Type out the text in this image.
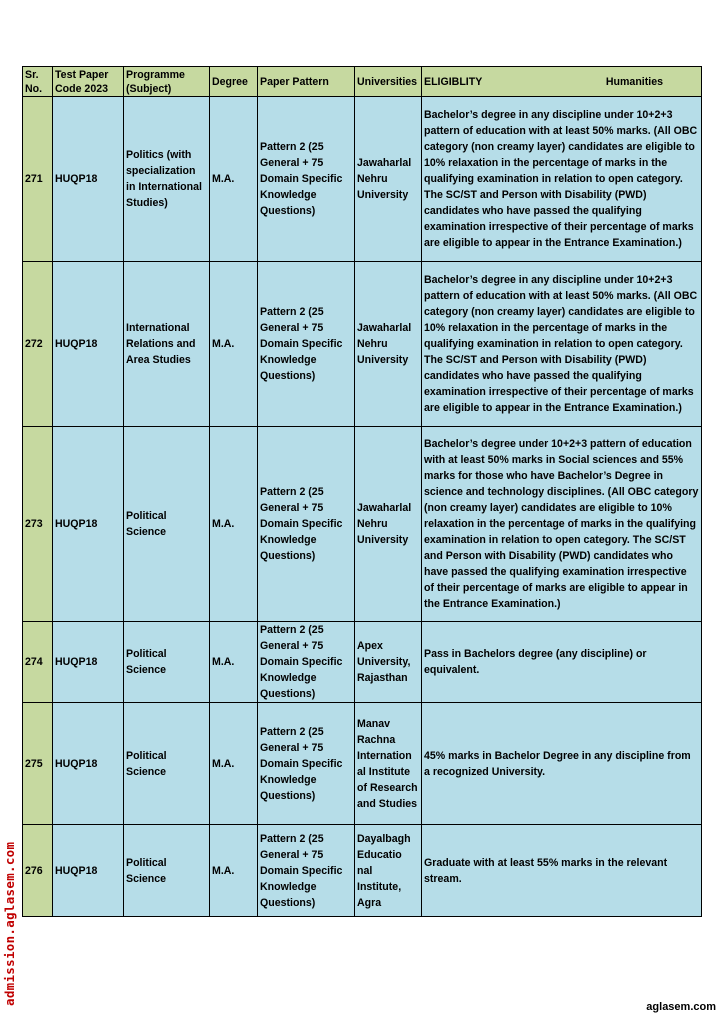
Sr. No.	Test Paper Code 2023	Programme (Subject)	Degree	Paper Pattern	Universities	ELIGIBLITY Humanities

271	HUQP18	Politics (with specialization in International Studies)	M.A.	Pattern 2 (25 General + 75 Domain Specific Knowledge Questions)	Jawaharlal Nehru University	Bachelor’s degree in any discipline under 10+2+3 pattern of education with at least 50% marks. (All OBC category (non creamy layer) candidates are eligible to 10% relaxation in the percentage of marks in the qualifying examination in relation to open category. The SC/ST and Person with Disability (PWD) candidates who have passed the qualifying examination irrespective of their percentage of marks are eligible to appear in the Entrance Examination.)
272	HUQP18	International Relations and Area Studies	M.A.	Pattern 2 (25 General + 75 Domain Specific Knowledge Questions)	Jawaharlal Nehru University	Bachelor’s degree in any discipline under 10+2+3 pattern of education with at least 50% marks. (All OBC category (non creamy layer) candidates are eligible to 10% relaxation in the percentage of marks in the qualifying examination in relation to open category. The SC/ST and Person with Disability (PWD) candidates who have passed the qualifying examination irrespective of their percentage of marks are eligible to appear in the Entrance Examination.)
273	HUQP18	Political Science	M.A.	Pattern 2 (25 General + 75 Domain Specific Knowledge Questions)	Jawaharlal Nehru University	Bachelor’s degree under 10+2+3 pattern of education with at least 50% marks in Social sciences and 55% marks for those who have Bachelor’s Degree in science and technology disciplines. (All OBC category (non creamy layer) candidates are eligible to 10% relaxation in the percentage of marks in the qualifying examination in relation to open category. The SC/ST and Person with Disability (PWD) candidates who have passed the qualifying examination irrespective of their percentage of marks are eligible to appear in the Entrance Examination.)
274	HUQP18	Political Science	M.A.	Pattern 2 (25 General + 75 Domain Specific Knowledge Questions)	Apex University, Rajasthan	Pass in Bachelors degree (any discipline) or equivalent.
275	HUQP18	Political Science	M.A.	Pattern 2 (25 General + 75 Domain Specific Knowledge Questions)	Manav Rachna Internation al Institute of Research and Studies	45% marks in Bachelor Degree in any discipline from a recognized University.
276	HUQP18	Political Science	M.A.	Pattern 2 (25 General + 75 Domain Specific Knowledge Questions)	Dayalbagh Educatio nal Institute, Agra	Graduate with at least 55% marks in the relevant stream.
admission.aglasem.com
aglasem.com
